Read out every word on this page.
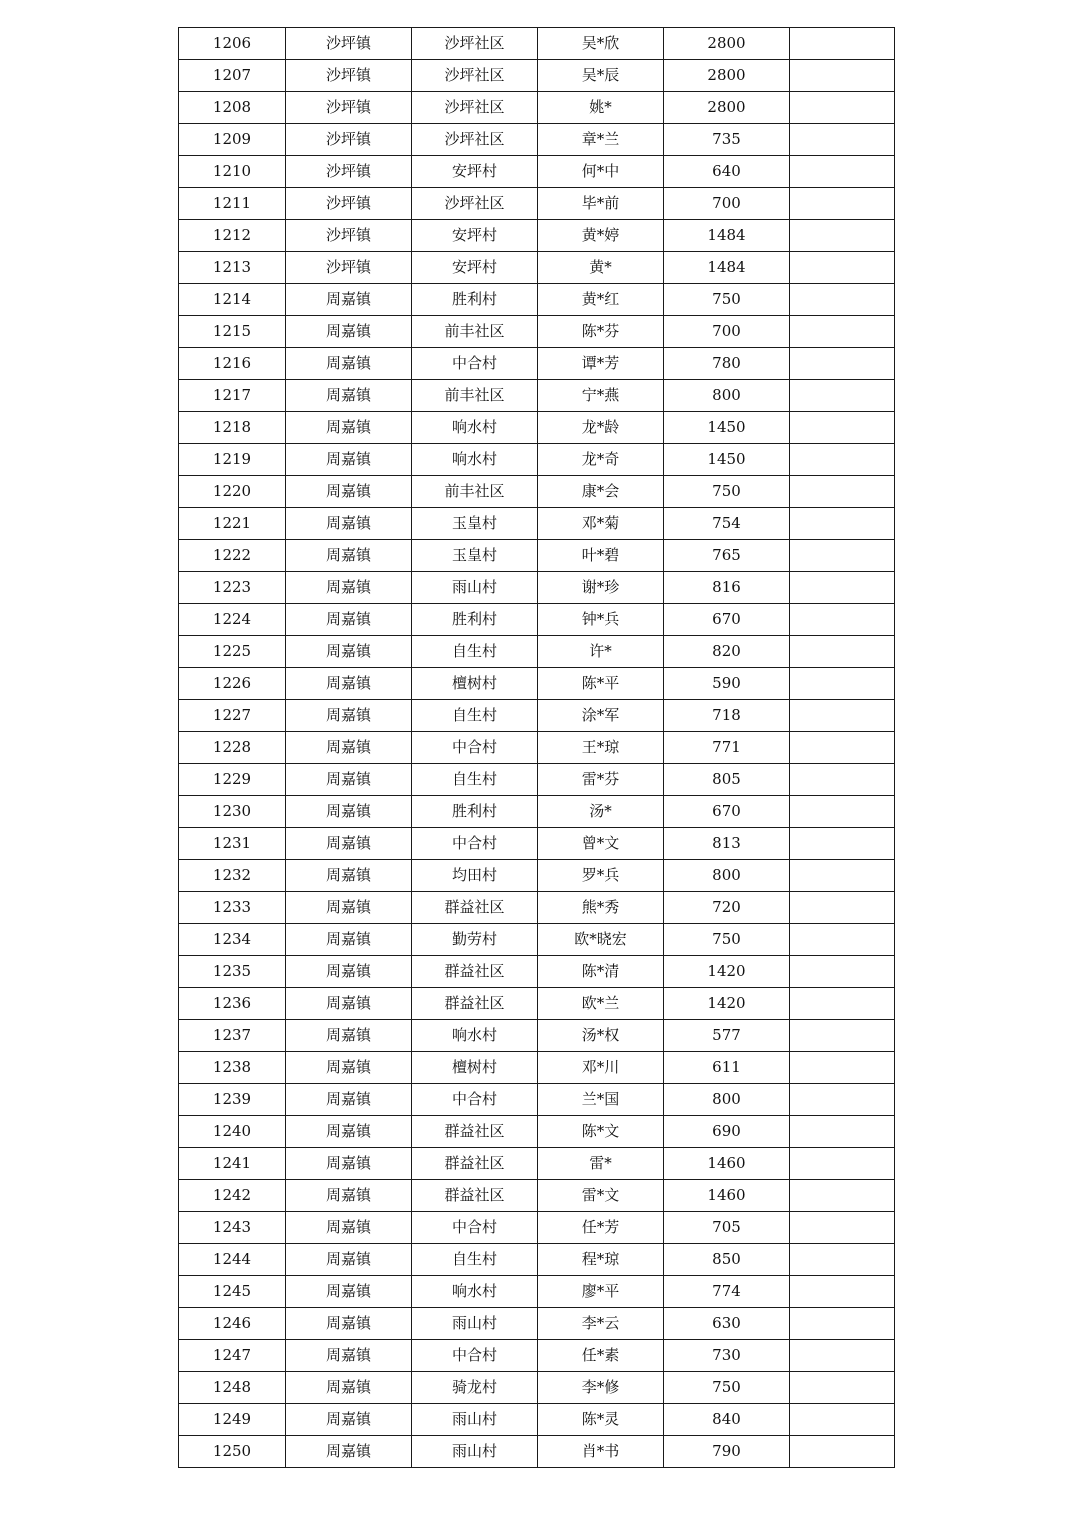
1206	沙坪镇	沙坪社区	吴*欣	2800	
1207	沙坪镇	沙坪社区	吴*辰	2800	
1208	沙坪镇	沙坪社区	姚*	2800	
1209	沙坪镇	沙坪社区	章*兰	735	
1210	沙坪镇	安坪村	何*中	640	
1211	沙坪镇	沙坪社区	毕*前	700	
1212	沙坪镇	安坪村	黄*婷	1484	
1213	沙坪镇	安坪村	黄*	1484	
1214	周嘉镇	胜利村	黄*红	750	
1215	周嘉镇	前丰社区	陈*芬	700	
1216	周嘉镇	中合村	谭*芳	780	
1217	周嘉镇	前丰社区	宁*燕	800	
1218	周嘉镇	响水村	龙*龄	1450	
1219	周嘉镇	响水村	龙*奇	1450	
1220	周嘉镇	前丰社区	康*会	750	
1221	周嘉镇	玉皇村	邓*菊	754	
1222	周嘉镇	玉皇村	叶*碧	765	
1223	周嘉镇	雨山村	谢*珍	816	
1224	周嘉镇	胜利村	钟*兵	670	
1225	周嘉镇	自生村	许*	820	
1226	周嘉镇	檀树村	陈*平	590	
1227	周嘉镇	自生村	涂*军	718	
1228	周嘉镇	中合村	王*琼	771	
1229	周嘉镇	自生村	雷*芬	805	
1230	周嘉镇	胜利村	汤*	670	
1231	周嘉镇	中合村	曾*文	813	
1232	周嘉镇	均田村	罗*兵	800	
1233	周嘉镇	群益社区	熊*秀	720	
1234	周嘉镇	勤劳村	欧*晓宏	750	
1235	周嘉镇	群益社区	陈*清	1420	
1236	周嘉镇	群益社区	欧*兰	1420	
1237	周嘉镇	响水村	汤*权	577	
1238	周嘉镇	檀树村	邓*川	611	
1239	周嘉镇	中合村	兰*国	800	
1240	周嘉镇	群益社区	陈*文	690	
1241	周嘉镇	群益社区	雷*	1460	
1242	周嘉镇	群益社区	雷*文	1460	
1243	周嘉镇	中合村	任*芳	705	
1244	周嘉镇	自生村	程*琼	850	
1245	周嘉镇	响水村	廖*平	774	
1246	周嘉镇	雨山村	李*云	630	
1247	周嘉镇	中合村	任*素	730	
1248	周嘉镇	骑龙村	李*修	750	
1249	周嘉镇	雨山村	陈*灵	840	
1250	周嘉镇	雨山村	肖*书	790	
